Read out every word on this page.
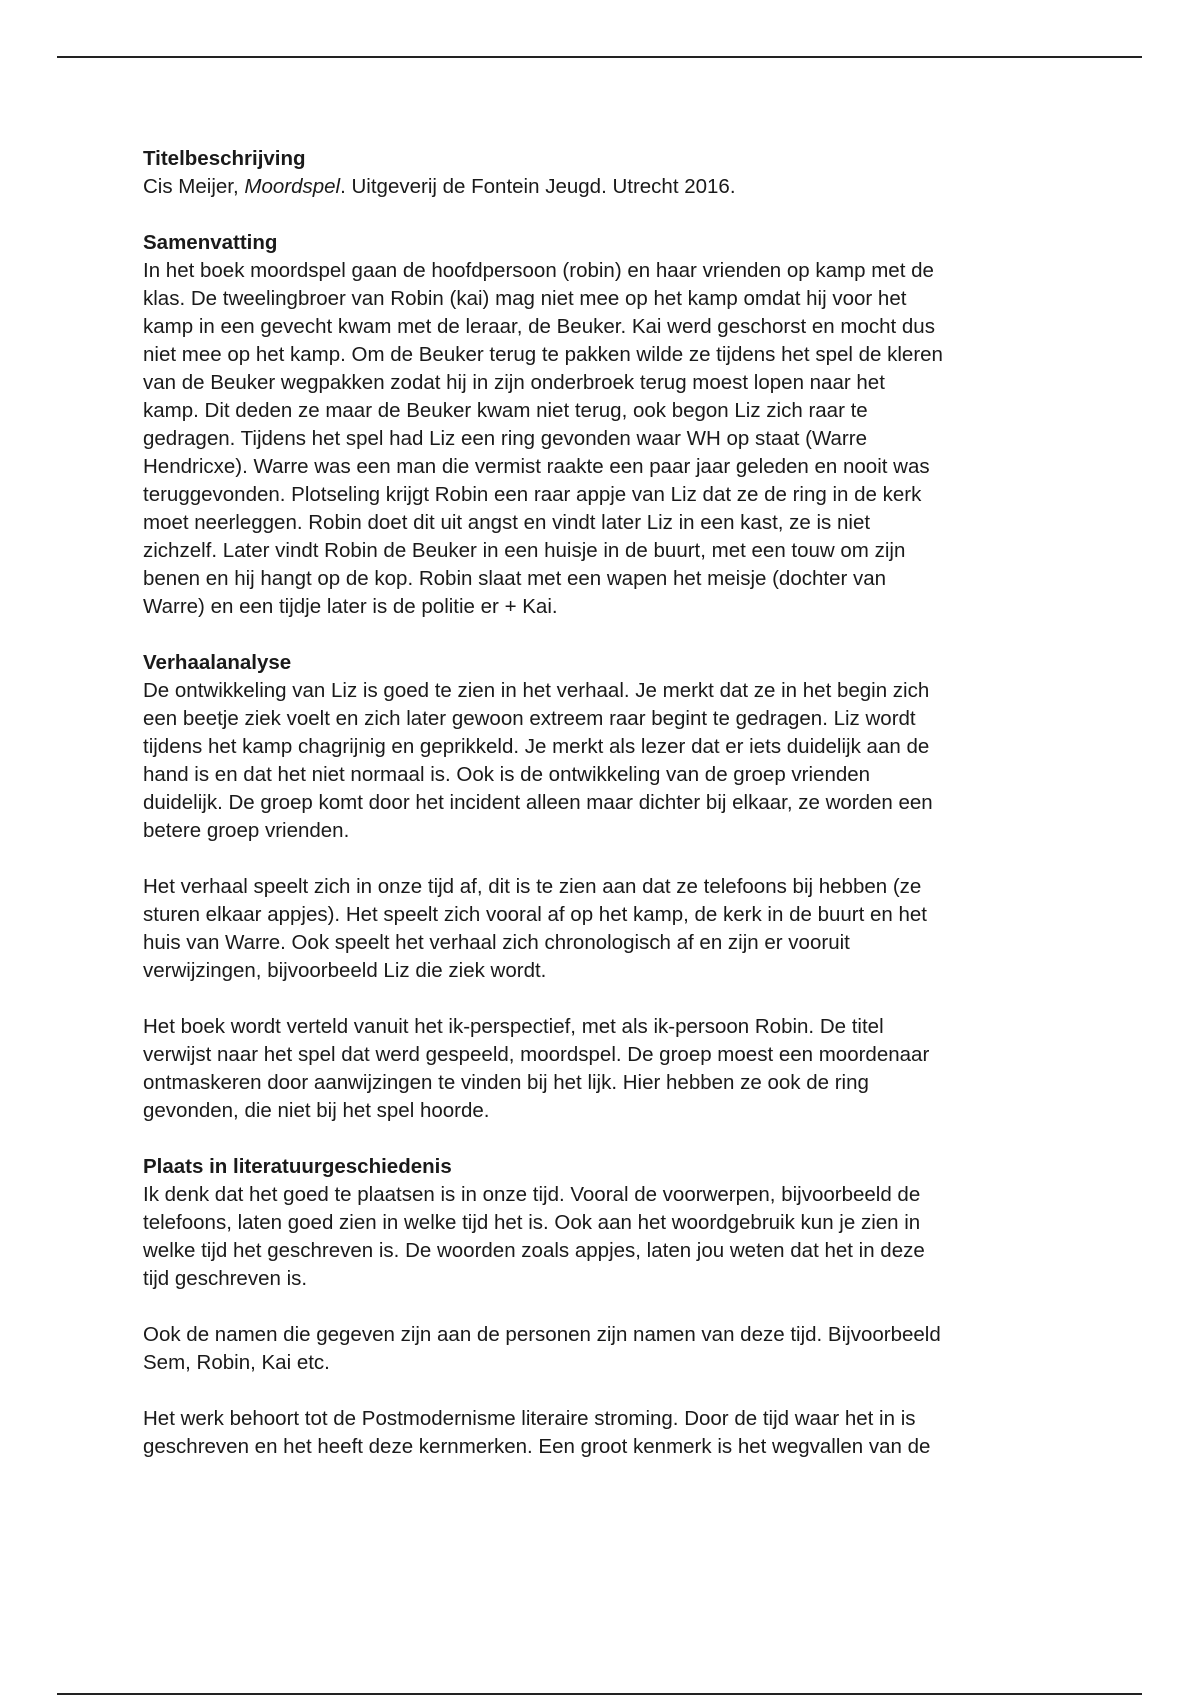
Titelbeschrijving

Cis Meijer, Moordspel. Uitgeverij de Fontein Jeugd. Utrecht 2016.

Samenvatting

In het boek moordspel gaan de hoofdpersoon (robin) en haar vrienden op kamp met de

klas. De tweelingbroer van Robin (kai) mag niet mee op het kamp omdat hij voor het

kamp in een gevecht kwam met de leraar, de Beuker. Kai werd geschorst en mocht dus

niet mee op het kamp. Om de Beuker terug te pakken wilde ze tijdens het spel de kleren

van de Beuker wegpakken zodat hij in zijn onderbroek terug moest lopen naar het

kamp. Dit deden ze maar de Beuker kwam niet terug, ook begon Liz zich raar te

gedragen. Tijdens het spel had Liz een ring gevonden waar WH op staat (Warre

Hendricxe). Warre was een man die vermist raakte een paar jaar geleden en nooit was

teruggevonden. Plotseling krijgt Robin een raar appje van Liz dat ze de ring in de kerk

moet neerleggen. Robin doet dit uit angst en vindt later Liz in een kast, ze is niet

zichzelf. Later vindt Robin de Beuker in een huisje in de buurt, met een touw om zijn

benen en hij hangt op de kop. Robin slaat met een wapen het meisje (dochter van

Warre) en een tijdje later is de politie er + Kai.

Verhaalanalyse

De ontwikkeling van Liz is goed te zien in het verhaal. Je merkt dat ze in het begin zich

een beetje ziek voelt en zich later gewoon extreem raar begint te gedragen. Liz wordt

tijdens het kamp chagrijnig en geprikkeld. Je merkt als lezer dat er iets duidelijk aan de

hand is en dat het niet normaal is. Ook is de ontwikkeling van de groep vrienden

duidelijk. De groep komt door het incident alleen maar dichter bij elkaar, ze worden een

betere groep vrienden.

Het verhaal speelt zich in onze tijd af, dit is te zien aan dat ze telefoons bij hebben (ze

sturen elkaar appjes). Het speelt zich vooral af op het kamp, de kerk in de buurt en het

huis van Warre. Ook speelt het verhaal zich chronologisch af en zijn er vooruit

verwijzingen, bijvoorbeeld Liz die ziek wordt.

Het boek wordt verteld vanuit het ik-perspectief, met als ik-persoon Robin. De titel

verwijst naar het spel dat werd gespeeld, moordspel. De groep moest een moordenaar

ontmaskeren door aanwijzingen te vinden bij het lijk. Hier hebben ze ook de ring

gevonden, die niet bij het spel hoorde.

Plaats in literatuurgeschiedenis

Ik denk dat het goed te plaatsen is in onze tijd. Vooral de voorwerpen, bijvoorbeeld de

telefoons, laten goed zien in welke tijd het is. Ook aan het woordgebruik kun je zien in

welke tijd het geschreven is. De woorden zoals appjes, laten jou weten dat het in deze

tijd geschreven is.

Ook de namen die gegeven zijn aan de personen zijn namen van deze tijd. Bijvoorbeeld

Sem, Robin, Kai etc.

Het werk behoort tot de Postmodernisme literaire stroming. Door de tijd waar het in is

geschreven en het heeft deze kernmerken. Een groot kenmerk is het wegvallen van de
